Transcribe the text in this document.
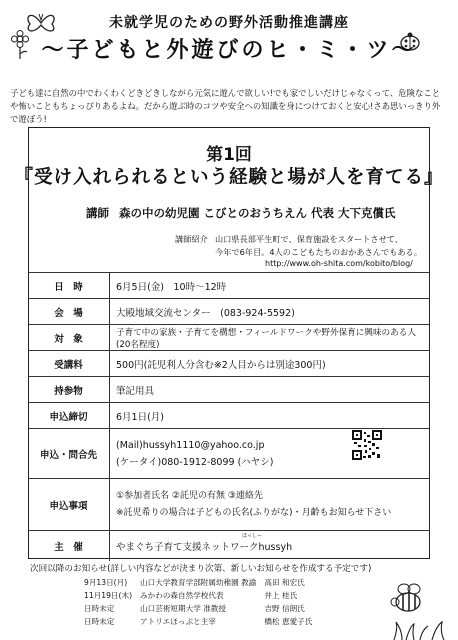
未就学児のための野外活動推進講座
〜子どもと外遊びのヒ・ミ・ツ〜
子ども達に自然の中でわくわくどきどきしながら元気に遊んで欲しい!でも家でしいだけじゃなくって、危険なことや怖いこともちょっぴりあるよね。だから遊ぶ時のコツや安全への知識を身につけておくと安心!さあ思いっきり外で遊ぼう!
第1回
『受け入れられるという経験と場が人を育てる』
講師 森の中の幼児園 こびとのおうちえん 代表 大下克償氏
講師紹介 山口県長部平生町で、保育施設をスタートさせて、
今年で6年目。4人のこどもたちのおかあさんでもある。
http://www.oh-shita.com/kobito/blog/
日　時	6月5日(金)　10時〜12時
会　場	大殿地域交流センター　(083-924-5592)
対　象	子育て中の家族・子育てを構想・フィールドワークや野外保育に興味のある人(20名程度)
受講料	500円(託児利人分含む※2人目からは別途300円)
持参物	筆記用具
申込締切	6月1日(月)
申込・問合先	(Mail)hussyh1110@yahoo.co.jp
(ケータイ)080-1912-8099 (ハヤシ)

申込事項	①参加者氏名 ②託児の有無 ③連絡先
※託児希りの場合は子どもの氏名(ふりがな)・月齢もお知らせ下さい

主　催	ほっしー
やまぐち子育て支援ネットワークhussyh
次回以降のお知らせ(詳しい内容などが決まり次第、新しいお知らせを作成する予定です)
9月13日(月)	山口大学教育学部附属幼稚園 教諭	高田 和宏氏
11月19日(木)	みかわの森自然学校代表	井上 桂氏
日時未定	山口芸術短期大学 准教授	吉野 信朗氏
日時未定	アトリエほっぷと主宰	橋松 恵愛子氏
